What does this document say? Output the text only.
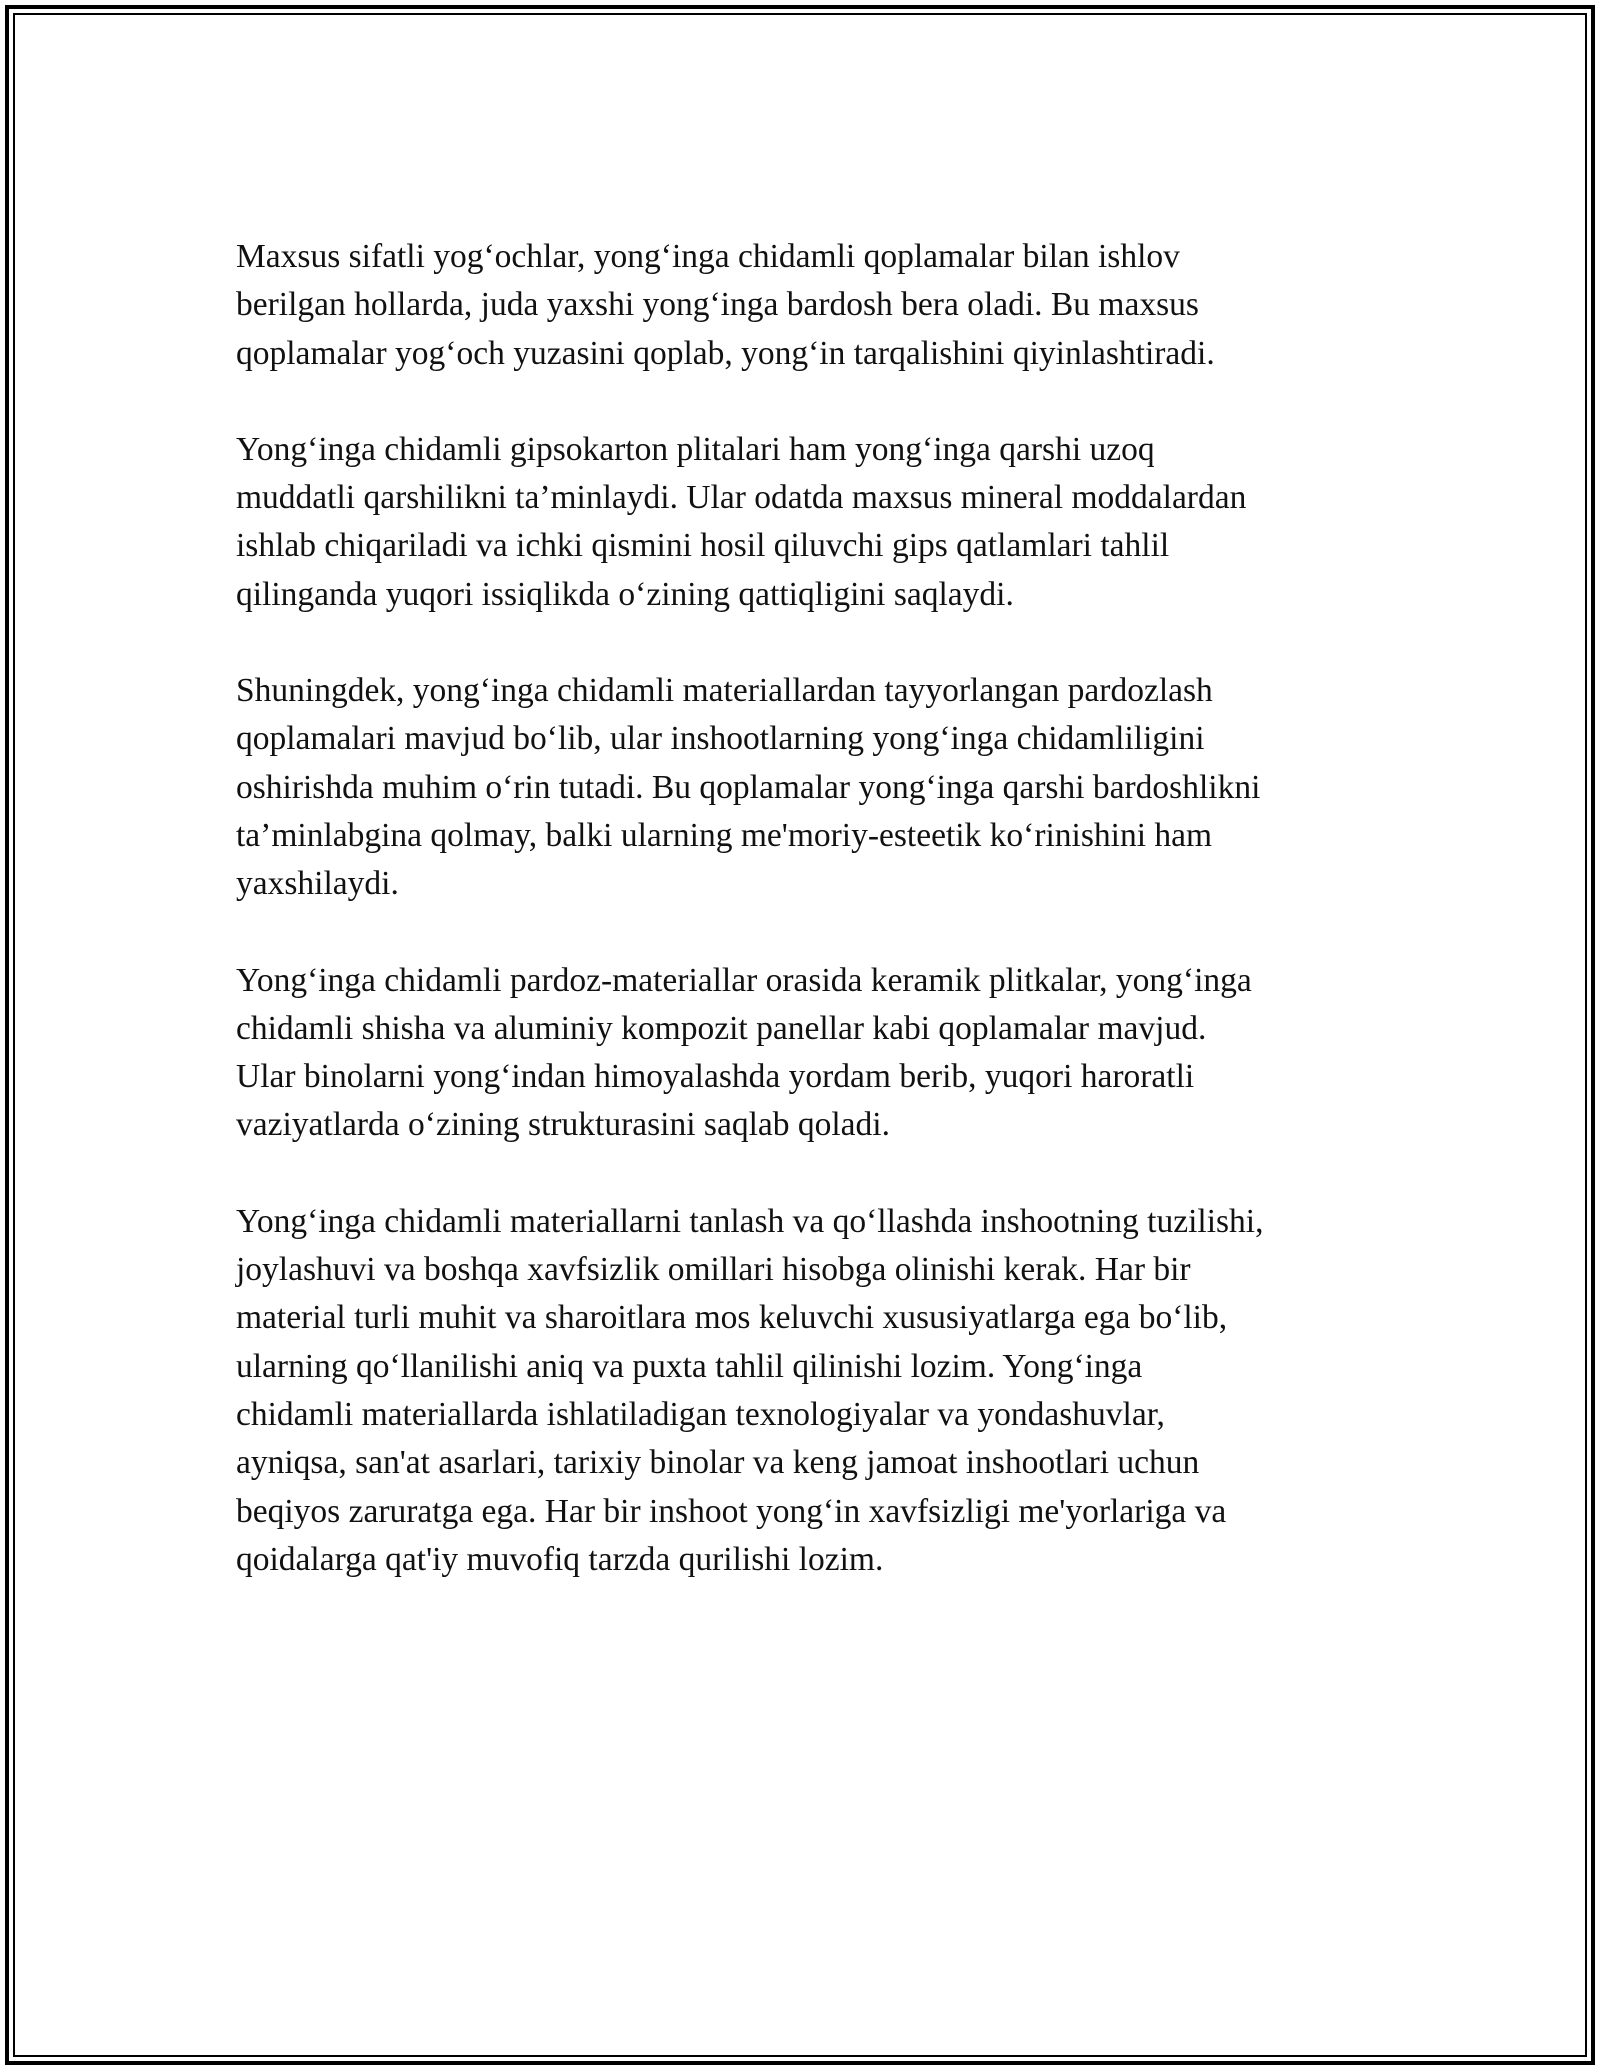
Maxsus sifatli yog‘ochlar, yong‘inga chidamli qoplamalar bilan ishlov
berilgan hollarda, juda yaxshi yong‘inga bardosh bera oladi. Bu maxsus
qoplamalar yog‘och yuzasini qoplab, yong‘in tarqalishini qiyinlashtiradi.

Yong‘inga chidamli gipsokarton plitalari ham yong‘inga qarshi uzoq
muddatli qarshilikni ta’minlaydi. Ular odatda maxsus mineral moddalardan
ishlab chiqariladi va ichki qismini hosil qiluvchi gips qatlamlari tahlil
qilinganda yuqori issiqlikda o‘zining qattiqligini saqlaydi.

Shuningdek, yong‘inga chidamli materiallardan tayyorlangan pardozlash
qoplamalari mavjud bo‘lib, ular inshootlarning yong‘inga chidamliligini
oshirishda muhim o‘rin tutadi. Bu qoplamalar yong‘inga qarshi bardoshlikni
ta’minlabgina qolmay, balki ularning me'moriy-esteetik ko‘rinishini ham
yaxshilaydi.

Yong‘inga chidamli pardoz-materiallar orasida keramik plitkalar, yong‘inga
chidamli shisha va aluminiy kompozit panellar kabi qoplamalar mavjud.
Ular binolarni yong‘indan himoyalashda yordam berib, yuqori haroratli
vaziyatlarda o‘zining strukturasini saqlab qoladi.

Yong‘inga chidamli materiallarni tanlash va qo‘llashda inshootning tuzilishi,
joylashuvi va boshqa xavfsizlik omillari hisobga olinishi kerak. Har bir
material turli muhit va sharoitlara mos keluvchi xususiyatlarga ega bo‘lib,
ularning qo‘llanilishi aniq va puxta tahlil qilinishi lozim. Yong‘inga
chidamli materiallarda ishlatiladigan texnologiyalar va yondashuvlar,
ayniqsa, san'at asarlari, tarixiy binolar va keng jamoat inshootlari uchun
beqiyos zaruratga ega. Har bir inshoot yong‘in xavfsizligi me'yorlariga va
qoidalarga qat'iy muvofiq tarzda qurilishi lozim.
